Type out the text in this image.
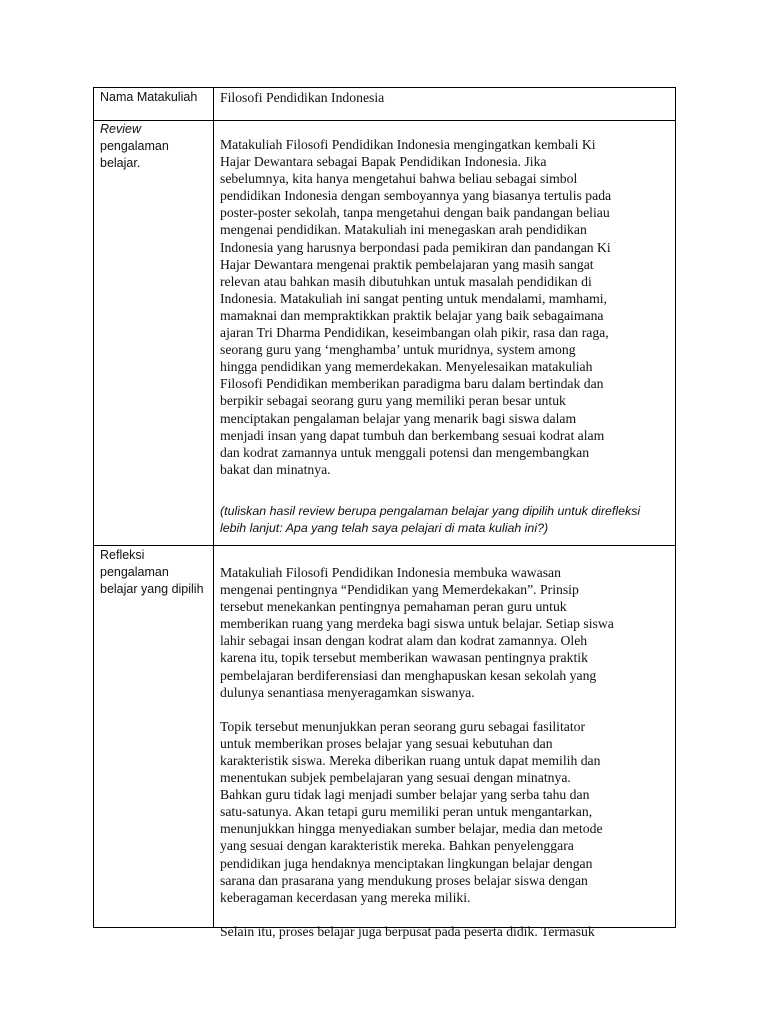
Nama Matakuliah	Filosofi Pendidikan Indonesia

Review
pengalaman
belajar.

Matakuliah Filosofi Pendidikan Indonesia mengingatkan kembali Ki
Hajar Dewantara sebagai Bapak Pendidikan Indonesia. Jika
sebelumnya, kita hanya mengetahui bahwa beliau sebagai simbol
pendidikan Indonesia dengan semboyannya yang biasanya tertulis pada
poster-poster sekolah, tanpa mengetahui dengan baik pandangan beliau
mengenai pendidikan. Matakuliah ini menegaskan arah pendidikan
Indonesia yang harusnya berpondasi pada pemikiran dan pandangan Ki
Hajar Dewantara mengenai praktik pembelajaran yang masih sangat
relevan atau bahkan masih dibutuhkan untuk masalah pendidikan di
Indonesia. Matakuliah ini sangat penting untuk mendalami, mamhami,
mamaknai dan mempraktikkan praktik belajar yang baik sebagaimana
ajaran Tri Dharma Pendidikan, keseimbangan olah pikir, rasa dan raga,
seorang guru yang ‘menghamba’ untuk muridnya, system among
hingga pendidikan yang memerdekakan. Menyelesaikan matakuliah
Filosofi Pendidikan memberikan paradigma baru dalam bertindak dan
berpikir sebagai seorang guru yang memiliki peran besar untuk
menciptakan pengalaman belajar yang menarik bagi siswa dalam
menjadi insan yang dapat tumbuh dan berkembang sesuai kodrat alam
dan kodrat zamannya untuk menggali potensi dan mengembangkan
bakat dan minatnya.

(tuliskan hasil review berupa pengalaman belajar yang dipilih untuk direfleksi
lebih lanjut: Apa yang telah saya pelajari di mata kuliah ini?)
Refleksi
pengalaman
belajar yang dipilih

Matakuliah Filosofi Pendidikan Indonesia membuka wawasan
mengenai pentingnya “Pendidikan yang Memerdekakan”. Prinsip
tersebut menekankan pentingnya pemahaman peran guru untuk
memberikan ruang yang merdeka bagi siswa untuk belajar. Setiap siswa
lahir sebagai insan dengan kodrat alam dan kodrat zamannya. Oleh
karena itu, topik tersebut memberikan wawasan pentingnya praktik
pembelajaran berdiferensiasi dan menghapuskan kesan sekolah yang
dulunya senantiasa menyeragamkan siswanya.

Topik tersebut menunjukkan peran seorang guru sebagai fasilitator
untuk memberikan proses belajar yang sesuai kebutuhan dan
karakteristik siswa. Mereka diberikan ruang untuk dapat memilih dan
menentukan subjek pembelajaran yang sesuai dengan minatnya.
Bahkan guru tidak lagi menjadi sumber belajar yang serba tahu dan
satu-satunya. Akan tetapi guru memiliki peran untuk mengantarkan,
menunjukkan hingga menyediakan sumber belajar, media dan metode
yang sesuai dengan karakteristik mereka. Bahkan penyelenggara
pendidikan juga hendaknya menciptakan lingkungan belajar dengan
sarana dan prasarana yang mendukung proses belajar siswa dengan
keberagaman kecerdasan yang mereka miliki.

Selain itu, proses belajar juga berpusat pada peserta didik. Termasuk
